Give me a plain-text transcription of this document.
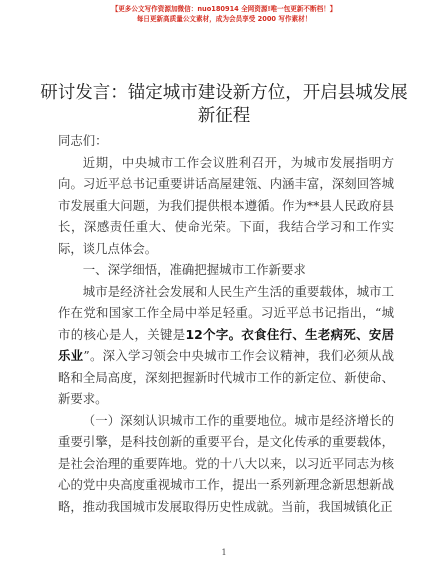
【更多公文写作资源加微信：nuo180914 全网资源!唯一包更新不断档！】
每日更新高质量公文素材，成为会员享受 2000 写作素材！
研讨发言：锚定城市建设新方位，开启县城发展新征程

同志们：

近期，中央城市工作会议胜利召开，为城市发展指明方向。习近平总书记重要讲话高屋建瓴、内涵丰富，深刻回答城市发展重大问题，为我们提供根本遵循。作为**县人民政府县长，深感责任重大、使命光荣。下面，我结合学习和工作实际，谈几点体会。

一、深学细悟，准确把握城市工作新要求

城市是经济社会发展和人民生产生活的重要载体，城市工作在党和国家工作全局中举足轻重。习近平总书记指出，“城市的核心是人，关键是12个字。衣食住行、生老病死、安居乐业”。深入学习领会中央城市工作会议精神，我们必须从战略和全局高度，深刻把握新时代城市工作的新定位、新使命、新要求。

（一）深刻认识城市工作的重要地位。城市是经济增长的重要引擎，是科技创新的重要平台，是文化传承的重要载体，是社会治理的重要阵地。党的十八大以来，以习近平同志为核心的党中央高度重视城市工作，提出一系列新理念新思想新战略，推动我国城市发展取得历史性成就。当前，我国城镇化正

1
